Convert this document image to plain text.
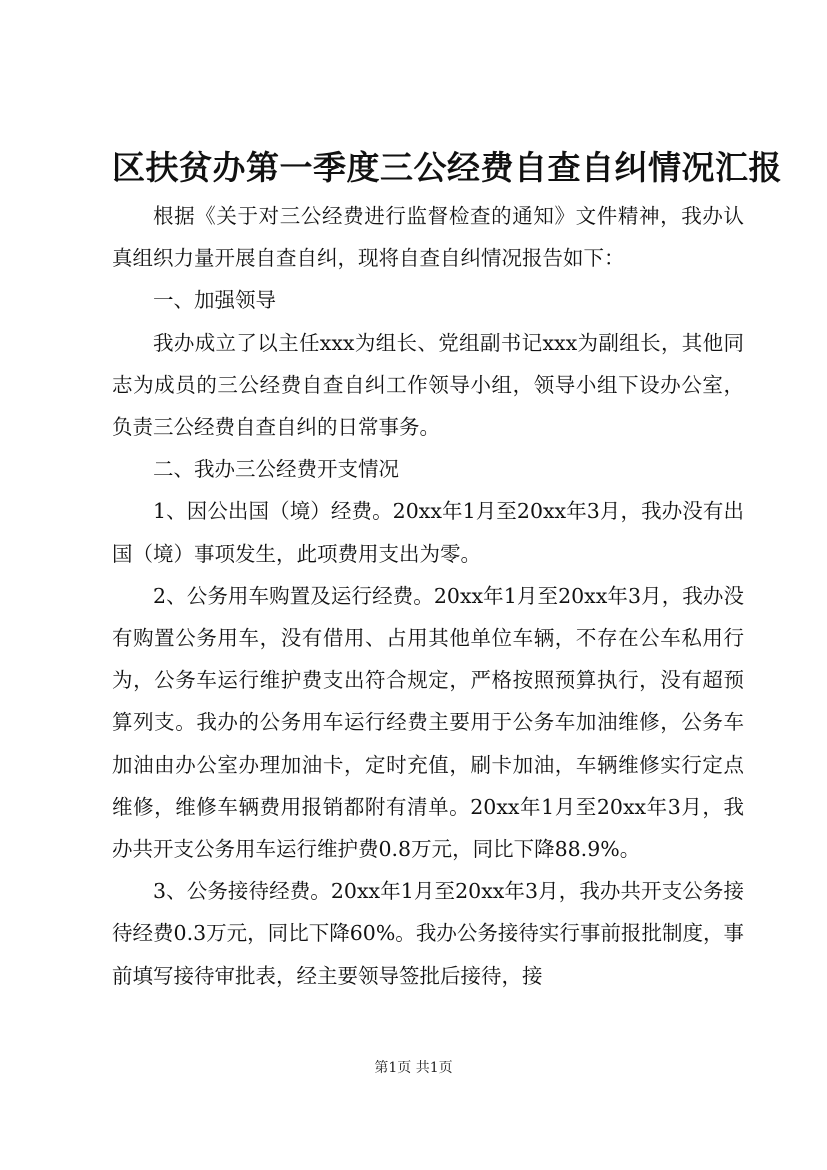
区扶贫办第一季度三公经费自查自纠情况汇报

根据《关于对三公经费进行监督检查的通知》文件精神，我办认真组织力量开展自查自纠，现将自查自纠情况报告如下：

一、加强领导

我办成立了以主任xxx为组长、党组副书记xxx为副组长，其他同志为成员的三公经费自查自纠工作领导小组，领导小组下设办公室，负责三公经费自查自纠的日常事务。

二、我办三公经费开支情况

1、因公出国（境）经费。20xx年1月至20xx年3月，我办没有出国（境）事项发生，此项费用支出为零。

2、公务用车购置及运行经费。20xx年1月至20xx年3月，我办没有购置公务用车，没有借用、占用其他单位车辆，不存在公车私用行为，公务车运行维护费支出符合规定，严格按照预算执行，没有超预算列支。我办的公务用车运行经费主要用于公务车加油维修，公务车加油由办公室办理加油卡，定时充值，刷卡加油，车辆维修实行定点维修，维修车辆费用报销都附有清单。20xx年1月至20xx年3月，我办共开支公务用车运行维护费0.8万元，同比下降88.9%。

3、公务接待经费。20xx年1月至20xx年3月，我办共开支公务接待经费0.3万元，同比下降60%。我办公务接待实行事前报批制度，事前填写接待审批表，经主要领导签批后接待，接

第1页 共1页
